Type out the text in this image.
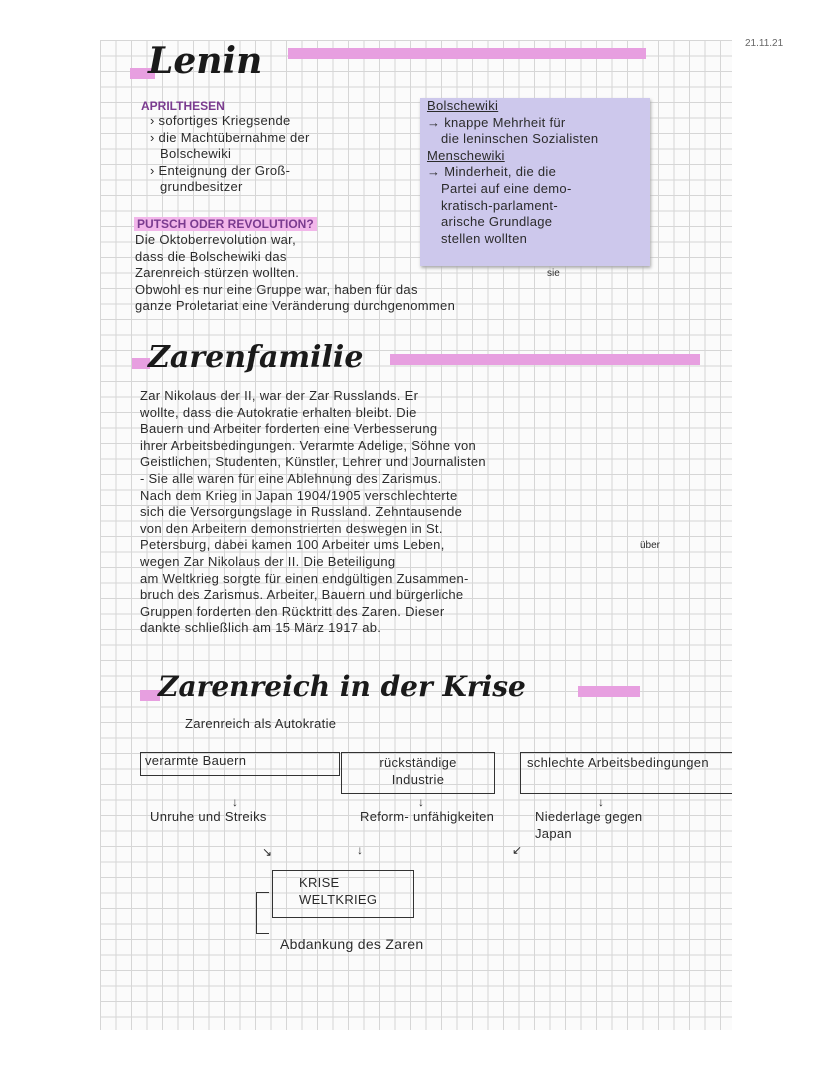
21.11.21
Lenin
APRILTHESEN
› sofortiges Kriegsende
› die Machtübernahme der
Bolschewiki
› Enteignung der Groß-
grundbesitzer
Bolschewiki
→ knappe Mehrheit für
die leninschen Sozialisten
Menschewiki
→ Minderheit, die die
Partei auf eine demo-
kratisch-parlament-
arische Grundlage
stellen wollten
PUTSCH ODER REVOLUTION?
Die Oktoberrevolution war,
dass die Bolschewiki das
Zarenreich stürzen wollten.
Obwohl es nur eine Gruppe war, haben für das
ganze Proletariat eine Veränderung durchgenommen
sie
Zarenfamilie
Zar Nikolaus der II, war der Zar Russlands. Er
wollte, dass die Autokratie erhalten bleibt. Die
Bauern und Arbeiter forderten eine Verbesserung
ihrer Arbeitsbedingungen. Verarmte Adelige, Söhne von
Geistlichen, Studenten, Künstler, Lehrer und Journalisten
- Sie alle waren für eine Ablehnung des Zarismus.
Nach dem Krieg in Japan 1904/1905 verschlechterte
sich die Versorgungslage in Russland. Zehntausende
von den Arbeitern demonstrierten deswegen in St.
Petersburg, dabei kamen 100 Arbeiter ums Leben,
wegen Zar Nikolaus der II. Die Beteiligung
am Weltkrieg sorgte für einen endgültigen Zusammen-
bruch des Zarismus. Arbeiter, Bauern und bürgerliche
Gruppen forderten den Rücktritt des Zaren. Dieser
dankte schließlich am 15 März 1917 ab.
über
Zarenreich in der Krise
Zarenreich als Autokratie
verarmte Bauern	rückständige Industrie
schlechte Arbeitsbedingungen
↓	↓	↓
Unruhe und Streiks	Reform- unfähigkeiten	Niederlage gegen Japan
↘	↓	↙
KRISE
WELTKRIEG
Abdankung des Zaren
